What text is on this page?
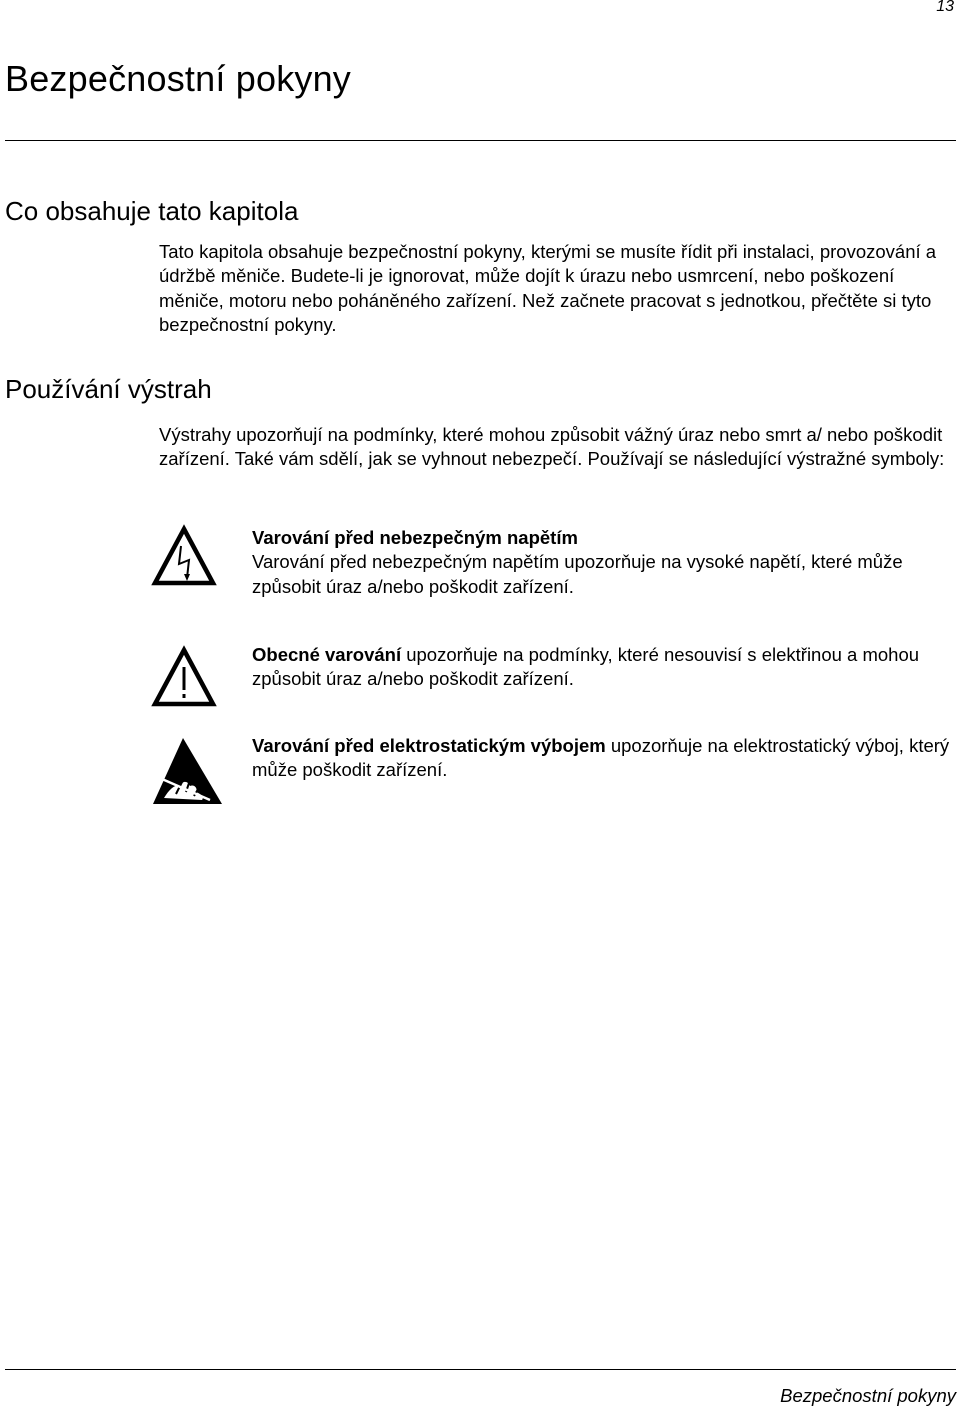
13
Bezpečnostní pokyny
Co obsahuje tato kapitola

Tato kapitola obsahuje bezpečnostní pokyny, kterými se musíte řídit při instalaci, provozování a údržbě měniče. Budete-li je ignorovat, může dojít k úrazu nebo usmrcení, nebo poškození měniče, motoru nebo poháněného zařízení. Než začnete pracovat s jednotkou, přečtěte si tyto bezpečnostní pokyny.

Používání výstrah

Výstrahy upozorňují na podmínky, které mohou způsobit vážný úraz nebo smrt a/ nebo poškodit zařízení. Také vám sdělí, jak se vyhnout nebezpečí. Používají se následující výstražné symboly:

Varování před nebezpečným napětím
Varování před nebezpečným napětím upozorňuje na vysoké napětí, které může způsobit úraz a/nebo poškodit zařízení.

Obecné varování upozorňuje na podmínky, které nesouvisí s elektřinou a mohou způsobit úraz a/nebo poškodit zařízení.

Varování před elektrostatickým výbojem upozorňuje na elektrostatický výboj, který může poškodit zařízení.

Bezpečnostní pokyny
